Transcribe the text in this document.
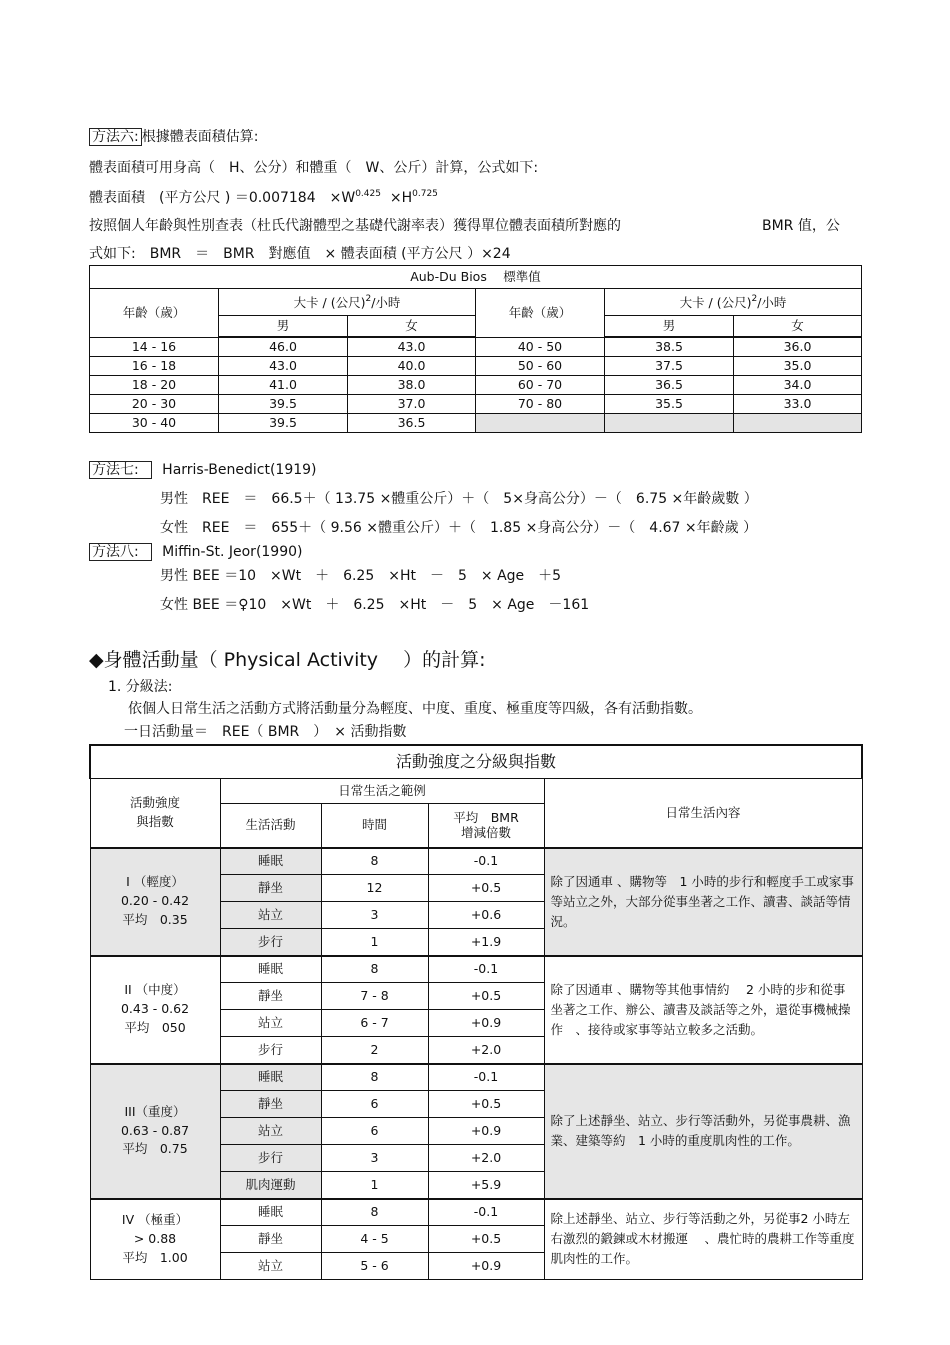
方法六: 根據體表面積估算:
體表面積可用身高（　H、公分）和體重（　W、公斤）計算，公式如下:
體表面積　(平方公尺 ) ＝0.007184　$\times W^{0.425} \times H^{0.725}$
按照個人年齡與性別查表（杜氏代謝體型之基礎代謝率表）獲得單位體表面積所對應的	BMR 值，公
式如下:　BMR　＝　BMR　對應值　× 體表面積 (平方公尺 ）×24
Aub-Du Bios　 標準值					
年齡（歲）	大卡 / (公尺)$^2$/小時		年齡（歲）	大卡 / (公尺)$^2$/小時	
	男	女		男	女
14 - 16	46.0	43.0	40 - 50	38.5	36.0
16 - 18	43.0	40.0	50 - 60	37.5	35.0
18 - 20	41.0	38.0	60 - 70	36.5	34.0
20 - 30	39.5	37.0	70 - 80	35.5	33.0
30 - 40	39.5	36.5			
方法七: Harris-Benedict(1919)
男性　REE　＝　66.5＋（ 13.75 ×體重公斤）＋（　5×身高公分）－（　6.75 ×年齡歲數 ）
女性　REE　＝　655＋（ 9.56 ×體重公斤）＋（　1.85 ×身高公分）－（　4.67 ×年齡歲 ）
方法八: Miffin-St. Jeor(1990)
男性 BEE ＝10　×Wt　＋　6.25　×Ht　－　5　× Age　＋5
女性 BEE ＝♀10　×Wt　＋　6.25　×Ht　－　5　× Age　－161
◆身體活動量（ Physical Activity　 ）的計算:
1. 分級法:
依個人日常生活之活動方式將活動量分為輕度、中度、重度、極重度等四級，各有活動指數。
一日活動量＝　REE（ BMR　）　× 活動指數
活動強度之分級與指數				
活動強度
與指數	日常生活之範例			日常生活內容
	生活活動	時間	平均　BMR
增減倍數	
I （輕度）
0.20 - 0.42
平均　0.35	睡眠	8	-0.1	除了因通車 、購物等　1 小時的步行和輕度手工或家事等站立之外，大部分從事坐著之工作、讀書、談話等情況。
	靜坐	12	+0.5	
	站立	3	+0.6	
	步行	1	+1.9	
II （中度）
0.43 - 0.62
平均　050	睡眠	8	-0.1	除了因通車 、購物等其他事情約　 2 小時的步和從事坐著之工作、辦公、讀書及談話等之外，還從事機械操作　、接待或家事等站立較多之活動。
	靜坐	7 - 8	+0.5	
	站立	6 - 7	+0.9	
	步行	2	+2.0	
III（重度）
0.63 - 0.87
平均　0.75	睡眠	8	-0.1	除了上述靜坐、站立、步行等活動外，另從事農耕、漁業、建築等約　1 小時的重度肌肉性的工作。
	靜坐	6	+0.5	
	站立	6	+0.9	
	步行	3	+2.0	
	肌肉運動	1	+5.9	
IV （極重）
> 0.88
平均　1.00	睡眠	8	-0.1	除上述靜坐、站立、步行等活動之外，另從事2 小時左右激烈的鍛鍊或木材搬運　 、農忙時的農耕工作等重度肌肉性的工作。
	靜坐	4 - 5	+0.5	
	站立	5 - 6	+0.9	
